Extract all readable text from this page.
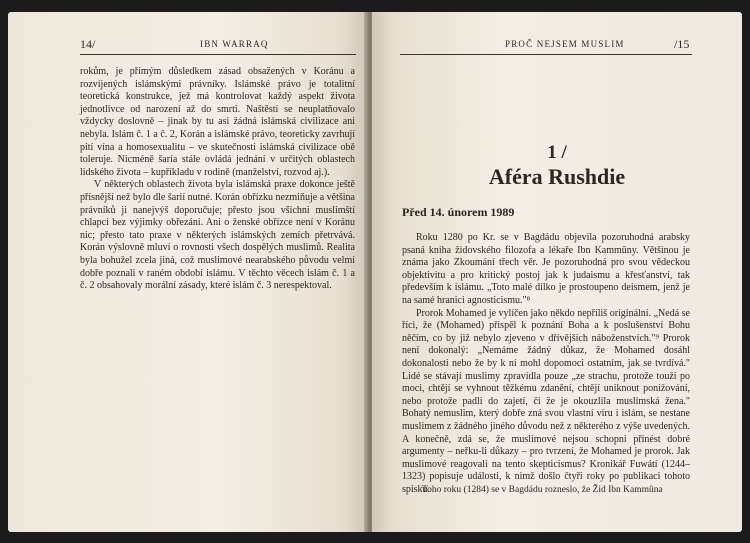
14/	IBN WARRAQ

rokům, je přímým důsledkem zásad obsažených v Koránu a rozvíjených islámskými právníky. Islámské právo je totalitní teoretická konstrukce, jež má kontrolovat každý aspekt života jednotlivce od narození až do smrti. Naštěstí se neuplatňovalo vždycky doslovně – jinak by tu asi žádná islámská civilizace ani nebyla. Islám č. 1 a č. 2, Korán a islámské právo, teoreticky zavrhují pití vína a homosexualitu – ve skutečnosti islámská civilizace obě toleruje. Nicméně šaría stále ovládá jednání v určitých oblastech lidského života – kupříkladu v rodině (manželství, rozvod aj.).

V některých oblastech života byla islámská praxe dokonce ještě přísnější než bylo dle šarií nutné. Korán obřízku nezmiňuje a většina právníků ji nanejvýš doporučuje; přesto jsou všichni muslimští chlapci bez výjimky obřezáni. Ani o ženské obřízce není v Koránu nic; přesto tato praxe v některých islámských zemích přetrvává. Korán výslovně mluví o rovnosti všech dospělých muslimů. Realita byla bohužel zcela jiná, což muslimové nearabského původu velmi dobře poznali v raném období islámu. V těchto věcech islám č. 1 a č. 2 obsahovaly morální zásady, které islám č. 3 nerespektoval.

PROČ NEJSEM MUSLIM	/15
1 /
Aféra Rushdie
Před 14. únorem 1989

Roku 1280 po Kr. se v Bagdádu objevila pozoruhodná arabsky psaná kniha židovského filozofa a lékaře Ibn Kammûny. Většinou je známa jako Zkoumání třech věr. Je pozoruhodná pro svou vědeckou objektivitu a pro kritický postoj jak k judaismu a křesťanství, tak především k islámu. „Toto malé dílko je prostoupeno deismem, jenž je na samé hranici agnosticismu."⁸

Prorok Mohamed je vylíčen jako někdo nepříliš originální. „Nedá se říci, že (Mohamed) přispěl k poznání Boha a k poslušenství Bohu něčím, co by již nebylo zjeveno v dřívějších náboženstvích."⁹ Prorok není dokonalý: „Nemáme žádný důkaz, že Mohamed dosáhl dokonalosti nebo že by k ní mohl dopomoci ostatním, jak se tvrdívá." Lidé se stávají muslimy zpravidla pouze „ze strachu, protože touží po moci, chtějí se vyhnout těžkému zdanění, chtějí uniknout ponižování, nebo protože padli do zajetí, či že je okouzlila muslimská žena." Bohatý nemuslim, který dobře zná svou vlastní víru i islám, se nestane muslimem z žádného jiného důvodu než z některého z výše uvedených. A konečně, zdá se, že muslimové nejsou schopni přinést dobré argumenty – neřku-li důkazy – pro tvrzení, že Mohamed je prorok. Jak muslimové reagovali na tento skepticismus? Kronikář Fuwátí (1244–1323) popisuje události, k nimž došlo čtyři roky po publikaci tohoto spisku.

Toho roku (1284) se v Bagdádu rozneslo, že Žid Ibn Kammûna
